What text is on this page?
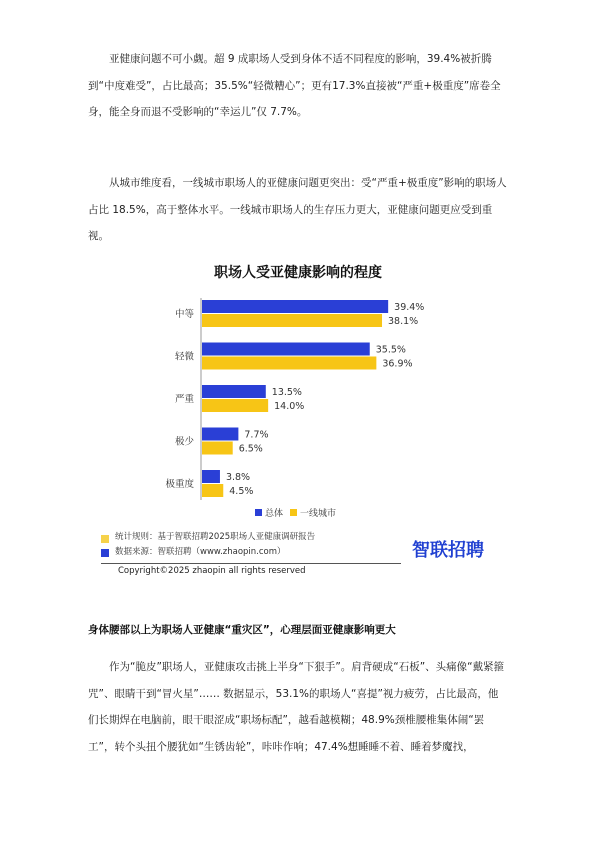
亚健康问题不可小觑。超 9 成职场人受到身体不适不同程度的影响，39.4%被折腾到“中度难受”，占比最高；35.5%“轻微糟心”；更有17.3%直接被“严重+极重度”席卷全身，能全身而退不受影响的“幸运儿”仅 7.7%。

从城市维度看，一线城市职场人的亚健康问题更突出：受“严重+极重度”影响的职场人占比 18.5%，高于整体水平。一线城市职场人的生存压力更大，亚健康问题更应受到重视。

职场人受亚健康影响的程度
中等
39.4%
38.1%
轻微
35.5%
36.9%
严重
13.5%
14.0%
极少
7.7%
6.5%
极重度
3.8%
4.5%
总体 一线城市

统计规则：基于智联招聘2025职场人亚健康调研报告

数据来源：智联招聘（www.zhaopin.com）	智联招聘

Copyright©2025 zhaopin all rights reserved

身体腰部以上为职场人亚健康“重灾区”，心理层面亚健康影响更大

作为“脆皮”职场人，亚健康攻击挑上半身“下狠手”。肩背硬成“石板”、头痛像“戴紧箍咒”、眼睛干到“冒火星”…… 数据显示，53.1%的职场人“喜提”视力疲劳，占比最高，他们长期焊在电脑前，眼干眼涩成“职场标配”，越看越模糊；48.9%颈椎腰椎集体闹“罢工”，转个头扭个腰犹如“生锈齿轮”，咔咔作响；47.4%想睡睡不着、睡着梦魔找，
